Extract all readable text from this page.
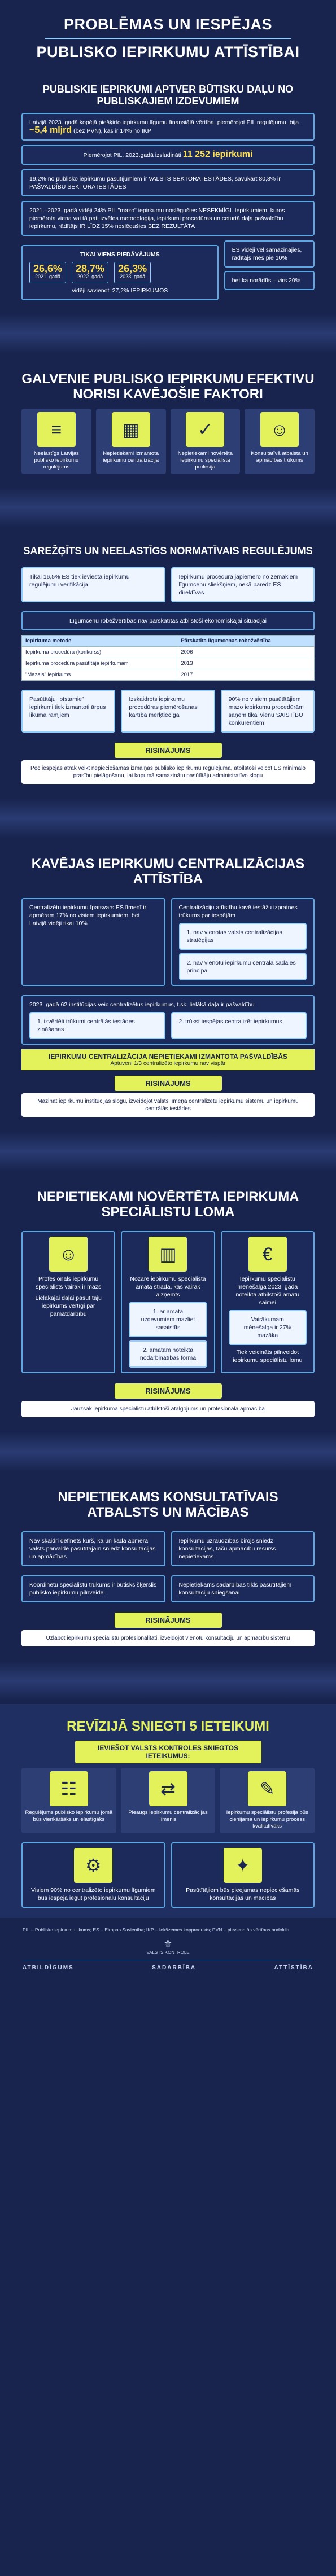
PROBLĒMAS UN IESPĒJAS
PUBLISKO IEPIRKUMU ATTĪSTĪBAI
PUBLISKIE IEPIRKUMI APTVER BŪTISKU DAĻU NO PUBLISKAJIEM IZDEVUMIEM
Latvijā 2023. gadā kopējā piešķirto iepirkumu līgumu finansiālā vērtība, piemērojot PIL regulējumu, bija ~5,4 mljrd (bez PVN), kas ir 14% no IKP
Piemērojot PIL, 2023.gadā izsludināti 11 252 iepirkumi
19,2% no publisko iepirkumu pasūtījumiem ir VALSTS SEKTORA IESTĀDES, savukārt 80,8% ir PAŠVALDĪBU SEKTORA IESTĀDES
2021.–2023. gadā vidēji 24% PIL "mazo" iepirkumu noslēgušies NESEKMĪGI. Iepirkumiem, kuros piemērota viena vai tā pati izvēles metodoloģija, iepirkumi procedūras un ceturtā daļa pašvaldību iepirkumu, rādītājs IR LĪDZ 15% noslēgušies BEZ REZULTĀTA
TIKAI VIENS PIEDĀVĀJUMS
26,6%
2021. gadā
28,7%
2022. gadā
26,3%
2023. gadā
vidēji savienoti 27,2% IEPIRKUMOS
ES vidēji vēl samazinājies, rādītājs mēs pie 10%
bet ka norādīts – virs 20%
GALVENIE PUBLISKO IEPIRKUMU EFEKTIVU NORISI KAVĒJOŠIE FAKTORI
≡
Neelastīgs Latvijas publisko iepirkumu regulējums
▦
Nepietiekami izmantota iepirkumu centralizācija
✓
Nepietiekami novērtēta iepirkumu speciālista profesija
☺
Konsultatīvā atbalsta un apmācības trūkums
SAREŽĢĪTS UN NEELASTĪGS NORMATĪVAIS REGULĒJUMS
Tikai 16,5% ES tiek ieviesta iepirkumu regulējumu verifikācija
Iepirkumu procedūra jāpiemēro no zemākiem līgumcenu sliekšņiem, nekā paredz ES direktīvas
Līgumcenu robežvērtības nav pārskatītas atbilstoši ekonomiskajai situācijai
Iepirkuma metode	Pārskatīta līgumcenas robežvērtība
Iepirkuma procedūra (konkurss)	2006
Iepirkuma procedūra pasūtītāja iepirkumam	2013
"Mazais" iepirkums	2017
Pasūtītāju "bīstamie" iepirkumi tiek izmantoti ārpus likuma rāmjiem
Izskaidrots iepirkumu procedūras piemērošanas kārtība mērķtiecīga
90% no visiem pasūtītājiem mazo iepirkumu procedūrām saņem tikai vienu SAISTĪBU konkurentiem
RISINĀJUMS
Pēc iespējas ātrāk veikt nepieciešamās izmaiņas publisko iepirkumu regulējumā, atbilstoši veicot ES minimālo prasību pielāgošanu, lai kopumā samazinātu pasūtītāju administratīvo slogu
KAVĒJAS IEPIRKUMU CENTRALIZĀCIJAS ATTĪSTĪBA
Centralizētu iepirkumu īpatsvars ES līmenī ir apmēram 17% no visiem iepirkumiem, bet Latvijā vidēji tikai 10%
Centralizāciju attīstību kavē iestāžu izpratnes trūkums par iespējām
1. nav vienotas valsts centralizācijas stratēģijas
2. nav vienotu iepirkumu centrālā sadales principa
2023. gadā 62 institūcijas veic centralizētus iepirkumus, t.sk. lielākā daļa ir pašvaldību
1. izvērtēti trūkumi centrālās iestādes zināšanas
2. trūkst iespējas centralizēt iepirkumus
IEPIRKUMU CENTRALIZĀCIJA NEPIETIEKAMI IZMANTOTA PAŠVALDĪBĀS
Aptuveni 1/3 centralizēto iepirkumu nav vispār
RISINĀJUMS
Mazināt iepirkumu institūcijas slogu, izveidojot valsts līmeņa centralizētu iepirkumu sistēmu un iepirkumu centrālās iestādes
NEPIETIEKAMI NOVĒRTĒTA IEPIRKUMA SPECIĀLISTU LOMA
☺
Profesionāls iepirkumu speciālists vairāk ir mazs
Lielākajai daļai pasūtītāju iepirkums vērtīgi par pamatdarbību
▥
Nozarē iepirkumu speciālista amatā strādā, kas vairāk aizņemts
1. ar amata uzdevumiem mazliet sasaistīts
2. amatam noteikta nodarbinātības forma
€
Iepirkumu speciālistu mēnešalga 2023. gadā noteikta atbilstoši amatu saimei
Vairākumam mēnešalga ir 27% mazāka
Tiek veicināts pilnveidot iepirkumu speciālistu lomu
RISINĀJUMS
Jāuzsāk iepirkuma speciālistu atbilstoši atalgojums un profesionāla apmācība
NEPIETIEKAMS KONSULTATĪVAIS ATBALSTS UN MĀCĪBAS
Nav skaidri definēts kurš, kā un kādā apmērā valsts pārvaldē pasūtītājam sniedz konsultācijas un apmācības
Iepirkumu uzraudzības birojs sniedz konsultācijas, taču apmācību resurss nepietiekams
Koordinētu specialistu trūkums ir būtisks šķērslis publisko iepirkumu pilnveidei
Nepietiekams sadarbības tīkls pasūtītājiem konsultāciju sniegšanai
RISINĀJUMS
Uzlabot iepirkumu speciālistu profesionalitāti, izveidojot vienotu konsultāciju un apmācību sistēmu
REVĪZIJĀ SNIEGTI 5 IETEIKUMI
IEVIEŠOT VALSTS KONTROLES SNIEGTOS IETEIKUMUS:
☷
Regulējums publisko iepirkumu jomā būs vienkāršāks un elastīgāks
⇄
Pieaugs iepirkumu centralizācijas līmenis
✎
Iepirkumu speciālistu profesija būs cienījama un iepirkumu process kvalitatīvāks
⚙
Visiem 90% no centralizēto iepirkumu līgumiem būs iespēja iegūt profesionālu konsultāciju
✦
Pasūtītājiem būs pieejamas nepieciešamās konsultācijas un mācības
PIL – Publisko iepirkumu likums; ES – Eiropas Savienība; IKP – Iekšzemes kopprodukts; PVN – pievienotās vērtības nodoklis
⚜
VALSTS KONTROLE
ATBILDĪGUMS	SADARBĪBA	ATTĪSTĪBA
